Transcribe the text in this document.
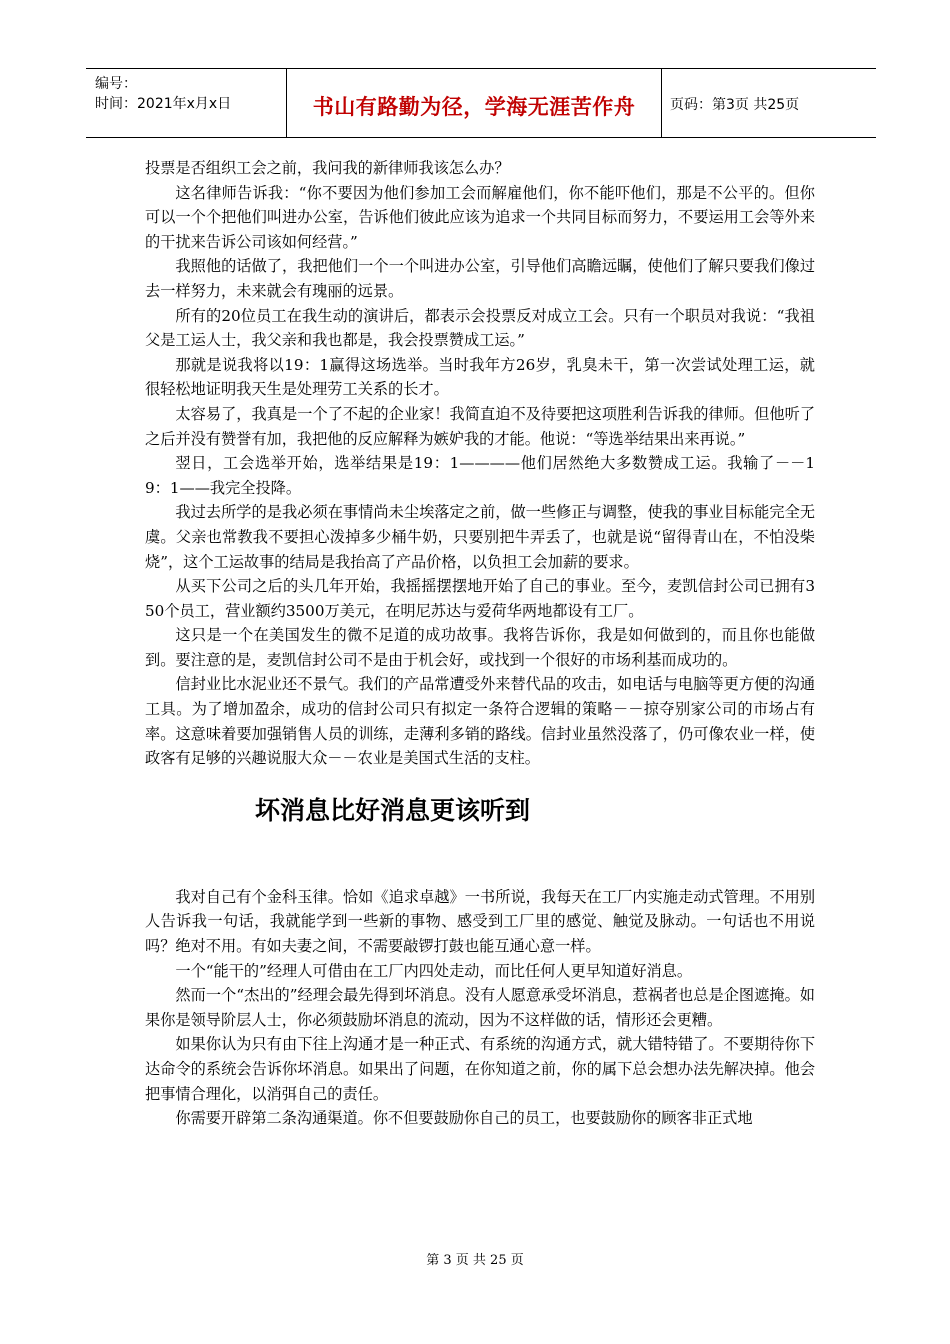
编号：
时间：2021年x月x日	书山有路勤为径，学海无涯苦作舟	页码：第3页 共25页

投票是否组织工会之前，我问我的新律师我该怎么办？

这名律师告诉我：“你不要因为他们参加工会而解雇他们，你不能吓他们，那是不公平的。但你可以一个个把他们叫进办公室，告诉他们彼此应该为追求一个共同目标而努力，不要运用工会等外来的干扰来告诉公司该如何经营。”

我照他的话做了，我把他们一个一个叫进办公室，引导他们高瞻远瞩，使他们了解只要我们像过去一样努力，未来就会有瑰丽的远景。

所有的20位员工在我生动的演讲后，都表示会投票反对成立工会。只有一个职员对我说：“我祖父是工运人士，我父亲和我也都是，我会投票赞成工运。”

那就是说我将以19：1赢得这场选举。当时我年方26岁，乳臭未干，第一次尝试处理工运，就很轻松地证明我天生是处理劳工关系的长才。

太容易了，我真是一个了不起的企业家！我简直迫不及待要把这项胜利告诉我的律师。但他听了之后并没有赞誉有加，我把他的反应解释为嫉妒我的才能。他说：“等选举结果出来再说。”

翌日，工会选举开始，选举结果是19：1————他们居然绝大多数赞成工运。我输了－－19：1——我完全投降。

我过去所学的是我必须在事情尚未尘埃落定之前，做一些修正与调整，使我的事业目标能完全无虞。父亲也常教我不要担心泼掉多少桶牛奶，只要别把牛弄丢了，也就是说“留得青山在，不怕没柴烧”，这个工运故事的结局是我抬高了产品价格，以负担工会加薪的要求。

从买下公司之后的头几年开始，我摇摇摆摆地开始了自己的事业。至今，麦凯信封公司已拥有350个员工，营业额约3500万美元，在明尼苏达与爱荷华两地都设有工厂。

这只是一个在美国发生的微不足道的成功故事。我将告诉你，我是如何做到的，而且你也能做到。要注意的是，麦凯信封公司不是由于机会好，或找到一个很好的市场利基而成功的。

信封业比水泥业还不景气。我们的产品常遭受外来替代品的攻击，如电话与电脑等更方便的沟通工具。为了增加盈余，成功的信封公司只有拟定一条符合逻辑的策略－－掠夺别家公司的市场占有率。这意味着要加强销售人员的训练，走薄利多销的路线。信封业虽然没落了，仍可像农业一样，使政客有足够的兴趣说服大众－－农业是美国式生活的支柱。

坏消息比好消息更该听到

我对自己有个金科玉律。恰如《追求卓越》一书所说，我每天在工厂内实施走动式管理。不用别人告诉我一句话，我就能学到一些新的事物、感受到工厂里的感觉、触觉及脉动。一句话也不用说吗？绝对不用。有如夫妻之间，不需要敲锣打鼓也能互通心意一样。

一个“能干的”经理人可借由在工厂内四处走动，而比任何人更早知道好消息。

然而一个“杰出的”经理会最先得到坏消息。没有人愿意承受坏消息，惹祸者也总是企图遮掩。如果你是领导阶层人士，你必须鼓励坏消息的流动，因为不这样做的话，情形还会更糟。

如果你认为只有由下往上沟通才是一种正式、有系统的沟通方式，就大错特错了。不要期待你下达命令的系统会告诉你坏消息。如果出了问题，在你知道之前，你的属下总会想办法先解决掉。他会把事情合理化，以消弭自己的责任。

你需要开辟第二条沟通渠道。你不但要鼓励你自己的员工，也要鼓励你的顾客非正式地

第 3 页 共 25 页
